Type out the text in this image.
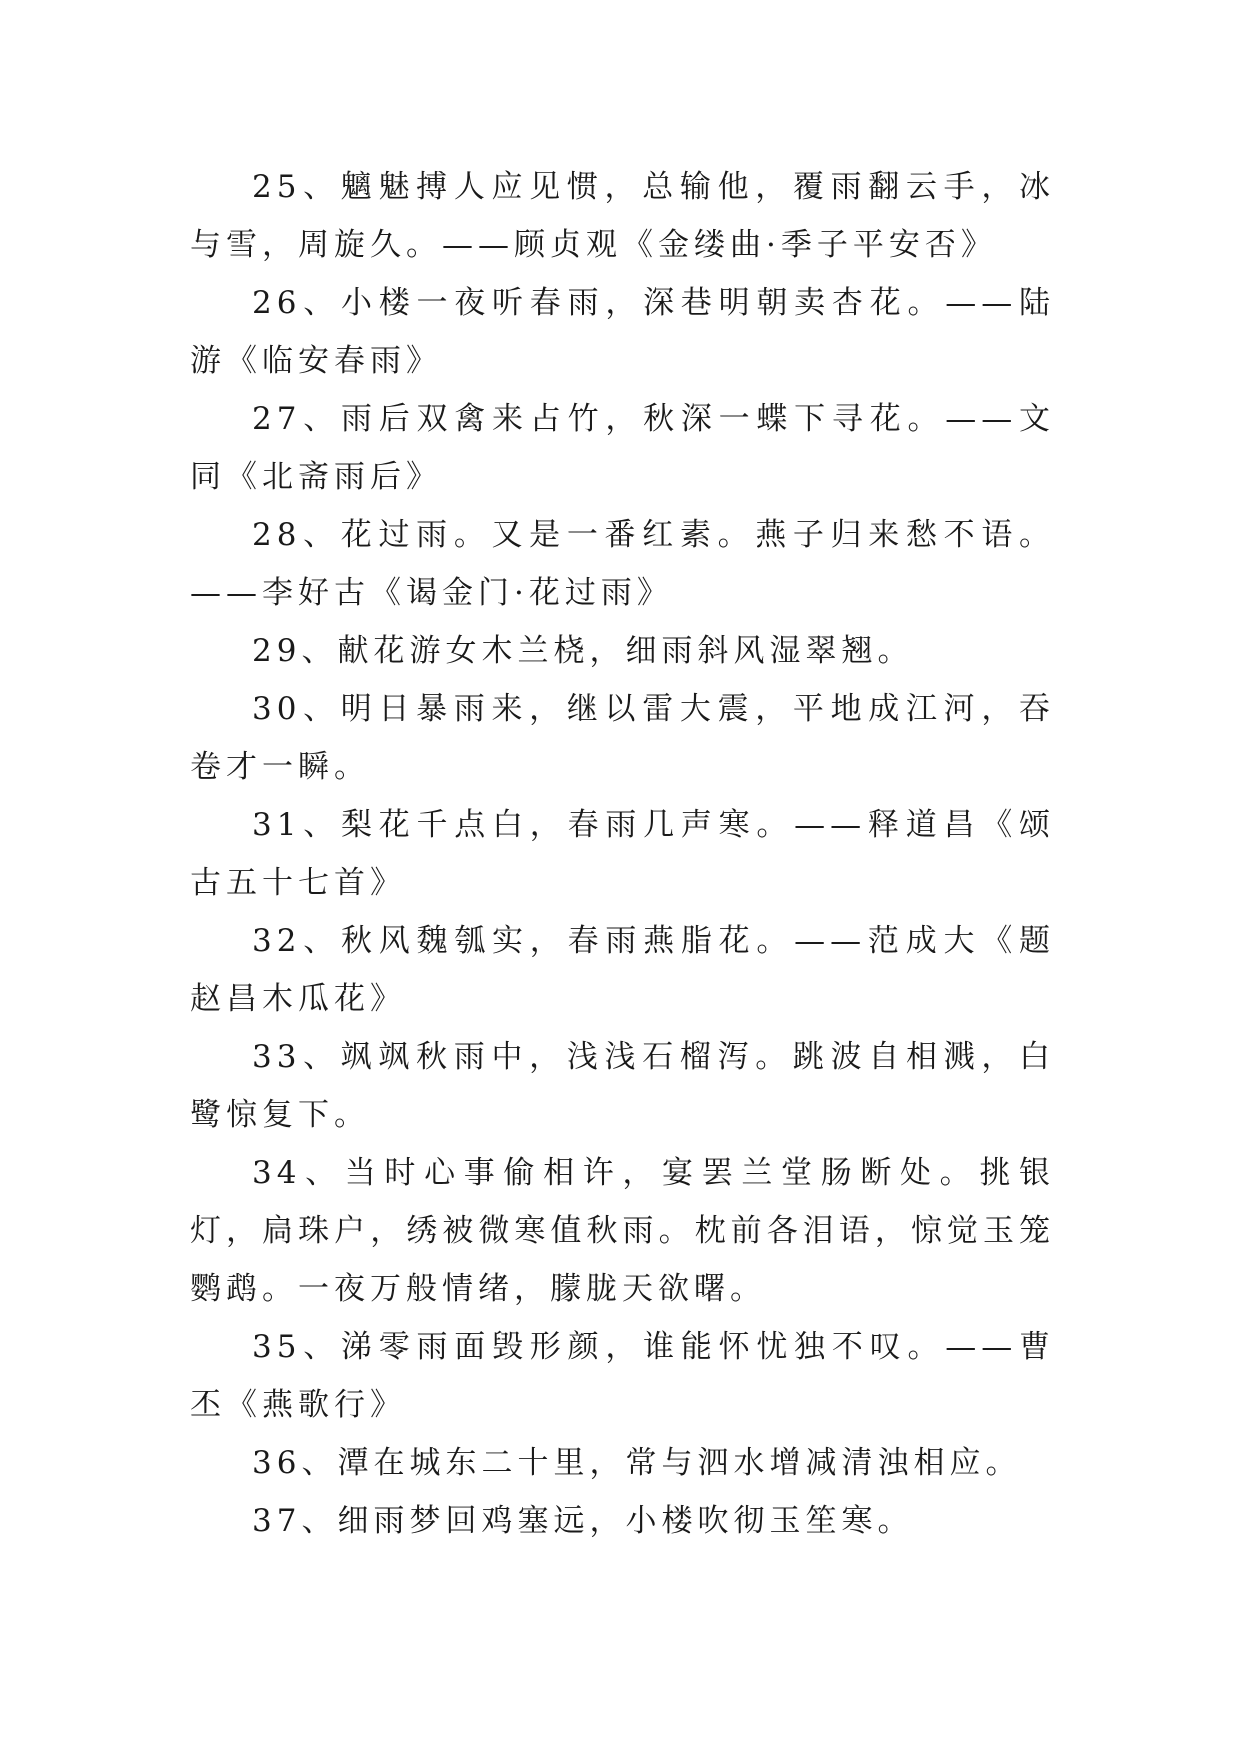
25、魑魅搏人应见惯，总输他，覆雨翻云手，冰与雪，周旋久。——顾贞观《金缕曲·季子平安否》

26、小楼一夜听春雨，深巷明朝卖杏花。——陆游《临安春雨》

27、雨后双禽来占竹，秋深一蝶下寻花。——文同《北斋雨后》

28、花过雨。又是一番红素。燕子归来愁不语。——李好古《谒金门·花过雨》

29、献花游女木兰桡，细雨斜风湿翠翘。

30、明日暴雨来，继以雷大震，平地成江河，吞卷才一瞬。

31、梨花千点白，春雨几声寒。——释道昌《颂古五十七首》

32、秋风魏瓠实，春雨燕脂花。——范成大《题赵昌木瓜花》

33、飒飒秋雨中，浅浅石榴泻。跳波自相溅，白鹭惊复下。

34、当时心事偷相许，宴罢兰堂肠断处。挑银灯，扃珠户，绣被微寒值秋雨。枕前各泪语，惊觉玉笼鹦鹉。一夜万般情绪，朦胧天欲曙。

35、涕零雨面毁形颜，谁能怀忧独不叹。——曹丕《燕歌行》

36、潭在城东二十里，常与泗水增减清浊相应。

37、细雨梦回鸡塞远，小楼吹彻玉笙寒。
